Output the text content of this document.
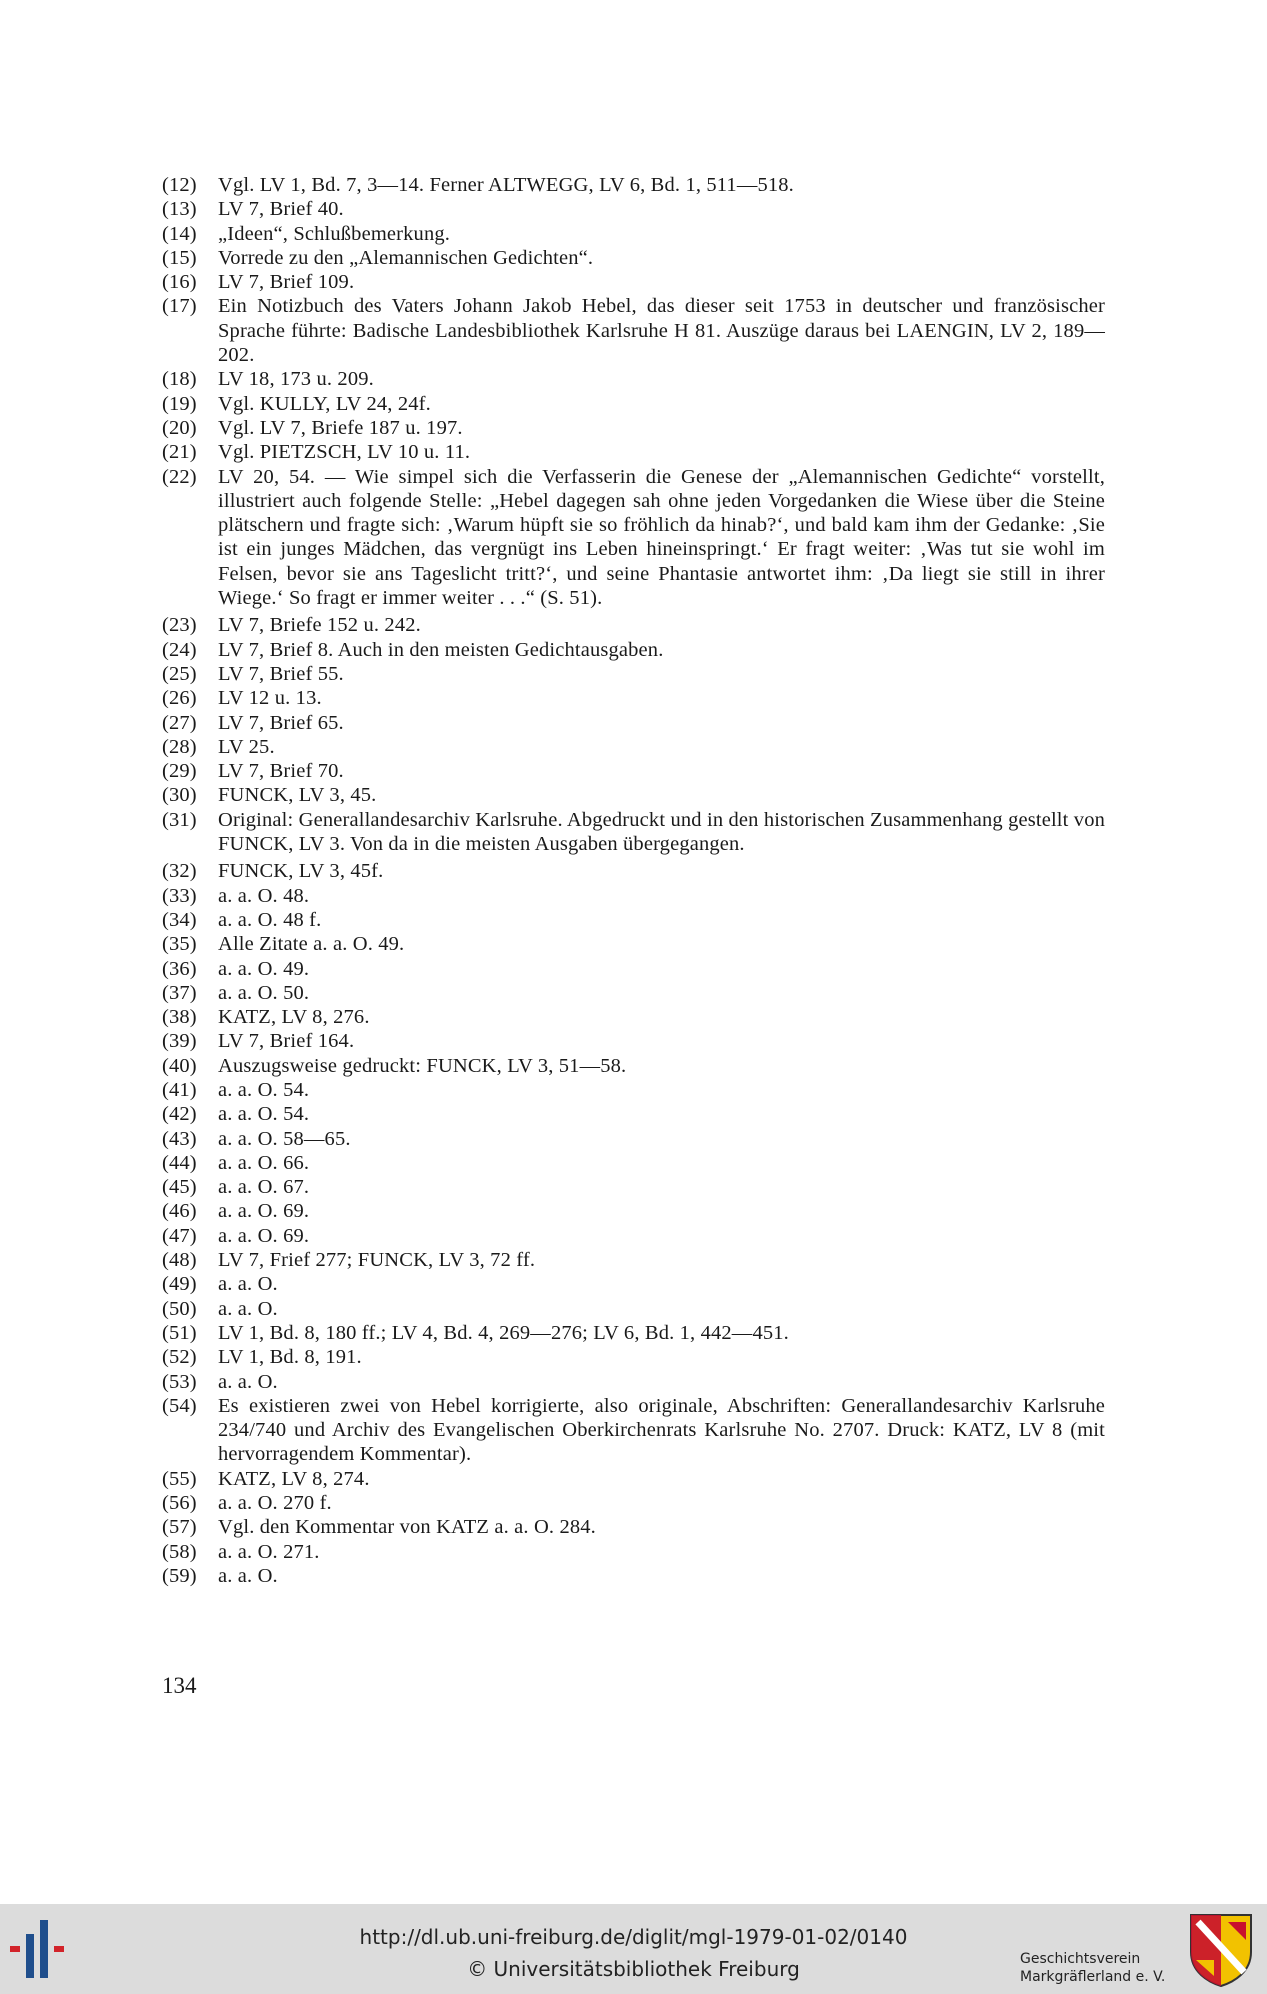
(12)	Vgl. LV 1, Bd. 7, 3—14. Ferner ALTWEGG, LV 6, Bd. 1, 511—518.
(13)	LV 7, Brief 40.
(14)	„Ideen“, Schlußbemerkung.
(15)	Vorrede zu den „Alemannischen Gedichten“.
(16)	LV 7, Brief 109.
(17)	Ein Notizbuch des Vaters Johann Jakob Hebel, das dieser seit 1753 in deutscher und französischer Sprache führte: Badische Landesbibliothek Karlsruhe H 81. Auszüge daraus bei LAENGIN, LV 2, 189—202.
(18)	LV 18, 173 u. 209.
(19)	Vgl. KULLY, LV 24, 24f.
(20)	Vgl. LV 7, Briefe 187 u. 197.
(21)	Vgl. PIETZSCH, LV 10 u. 11.
(22)	LV 20, 54. — Wie simpel sich die Verfasserin die Genese der „Alemannischen Gedichte“ vorstellt, illustriert auch folgende Stelle: „Hebel dagegen sah ohne jeden Vorgedanken die Wiese über die Steine plätschern und fragte sich: ‚Warum hüpft sie so fröhlich da hinab?‘, und bald kam ihm der Gedanke: ‚Sie ist ein junges Mädchen, das vergnügt ins Leben hineinspringt.‘ Er fragt weiter: ‚Was tut sie wohl im Felsen, bevor sie ans Tageslicht tritt?‘, und seine Phantasie antwortet ihm: ‚Da liegt sie still in ihrer Wiege.‘ So fragt er immer weiter . . .“ (S. 51).
(23)	LV 7, Briefe 152 u. 242.
(24)	LV 7, Brief 8. Auch in den meisten Gedichtausgaben.
(25)	LV 7, Brief 55.
(26)	LV 12 u. 13.
(27)	LV 7, Brief 65.
(28)	LV 25.
(29)	LV 7, Brief 70.
(30)	FUNCK, LV 3, 45.
(31)	Original: Generallandesarchiv Karlsruhe. Abgedruckt und in den historischen Zusammenhang gestellt von FUNCK, LV 3. Von da in die meisten Ausgaben übergegangen.
(32)	FUNCK, LV 3, 45f.
(33)	a. a. O. 48.
(34)	a. a. O. 48 f.
(35)	Alle Zitate a. a. O. 49.
(36)	a. a. O. 49.
(37)	a. a. O. 50.
(38)	KATZ, LV 8, 276.
(39)	LV 7, Brief 164.
(40)	Auszugsweise gedruckt: FUNCK, LV 3, 51—58.
(41)	a. a. O. 54.
(42)	a. a. O. 54.
(43)	a. a. O. 58—65.
(44)	a. a. O. 66.
(45)	a. a. O. 67.
(46)	a. a. O. 69.
(47)	a. a. O. 69.
(48)	LV 7, Frief 277; FUNCK, LV 3, 72 ff.
(49)	a. a. O.
(50)	a. a. O.
(51)	LV 1, Bd. 8, 180 ff.; LV 4, Bd. 4, 269—276; LV 6, Bd. 1, 442—451.
(52)	LV 1, Bd. 8, 191.
(53)	a. a. O.
(54)	Es existieren zwei von Hebel korrigierte, also originale, Abschriften: Generallandesarchiv Karlsruhe 234/740 und Archiv des Evangelischen Oberkirchenrats Karlsruhe No. 2707. Druck: KATZ, LV 8 (mit hervorragendem Kommentar).
(55)	KATZ, LV 8, 274.
(56)	a. a. O. 270 f.
(57)	Vgl. den Kommentar von KATZ a. a. O. 284.
(58)	a. a. O. 271.
(59)	a. a. O.
134
http://dl.ub.uni-freiburg.de/diglit/mgl-1979-01-02/0140
© Universitätsbibliothek Freiburg	Geschichtsverein
Markgräflerland e. V.
